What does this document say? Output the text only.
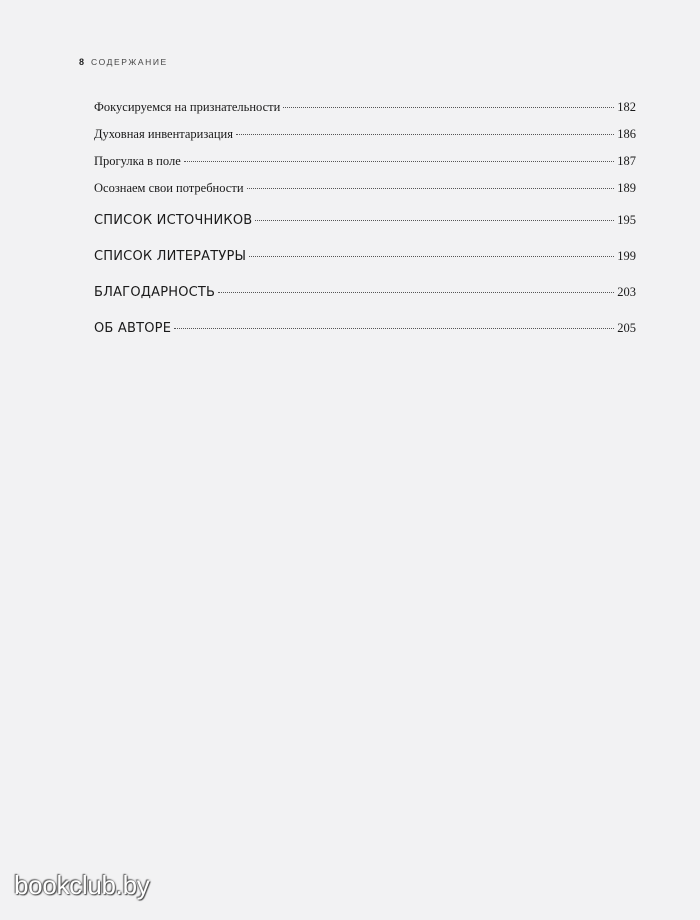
8 СОДЕРЖАНИЕ
Фокусируемся на признательности	182
Духовная инвентаризация	186
Прогулка в поле	187
Осознаем свои потребности	189
СПИСОК ИСТОЧНИКОВ	195
СПИСОК ЛИТЕРАТУРЫ	199
БЛАГОДАРНОСТЬ	203
ОБ АВТОРЕ	205
bookclub.by
